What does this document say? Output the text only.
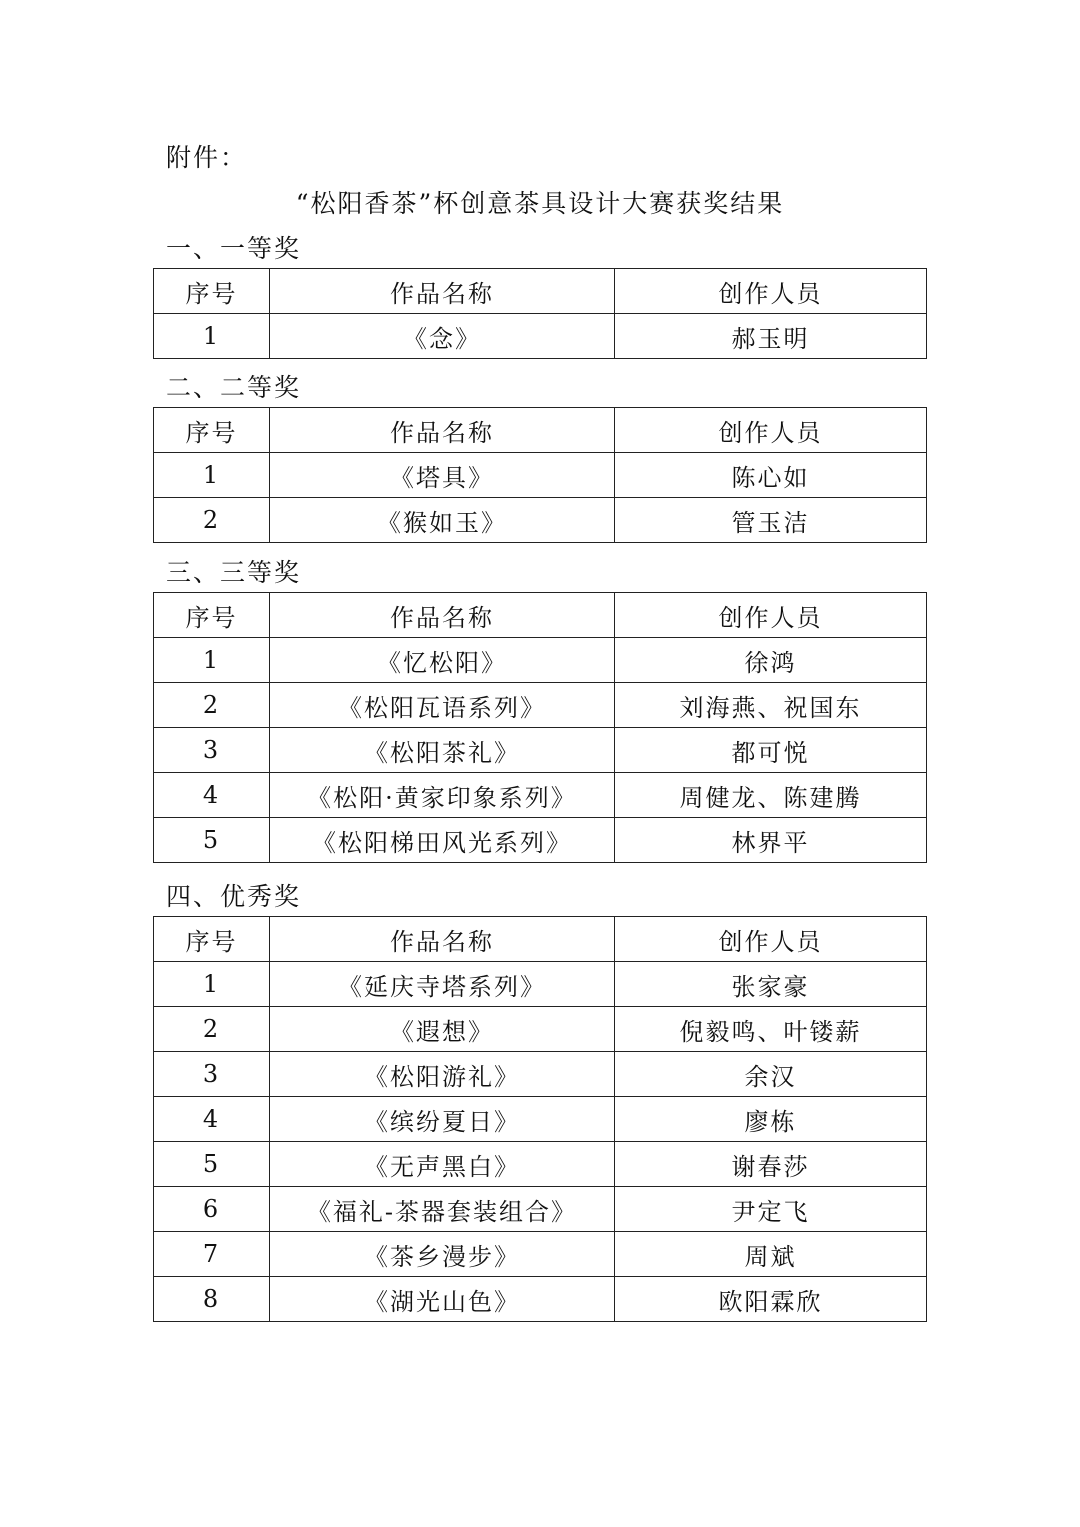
附件：
“松阳香茶”杯创意茶具设计大赛获奖结果
一、一等奖
序号	作品名称	创作人员
1	《念》	郝玉明
二、二等奖
序号	作品名称	创作人员
1	《塔具》	陈心如
2	《猴如玉》	管玉洁
三、三等奖
序号	作品名称	创作人员
1	《忆松阳》	徐鸿
2	《松阳瓦语系列》	刘海燕、祝国东
3	《松阳茶礼》	都可悦
4	《松阳·黄家印象系列》	周健龙、陈建腾
5	《松阳梯田风光系列》	林界平
四、优秀奖
序号	作品名称	创作人员
1	《延庆寺塔系列》	张家豪
2	《遐想》	倪毅鸣、叶镂薪
3	《松阳游礼》	余汉
4	《缤纷夏日》	廖栋
5	《无声黑白》	谢春莎
6	《福礼-茶器套装组合》	尹定飞
7	《茶乡漫步》	周斌
8	《湖光山色》	欧阳霖欣
